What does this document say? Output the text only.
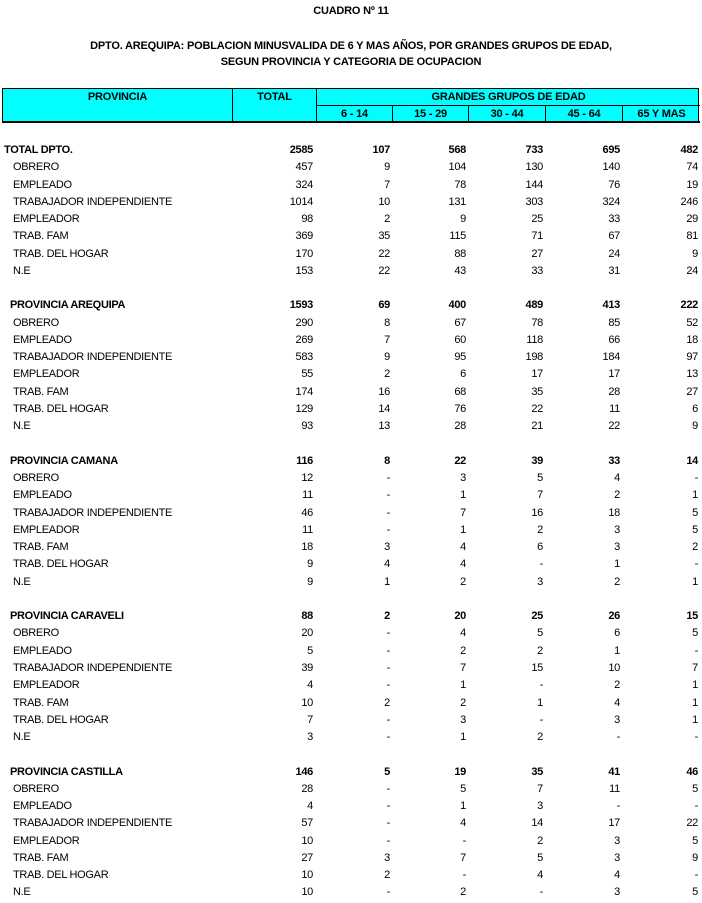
CUADRO Nº 11
DPTO. AREQUIPA: POBLACION MINUSVALIDA DE 6 Y MAS AÑOS, POR GRANDES GRUPOS DE EDAD,
SEGUN PROVINCIA Y CATEGORIA DE OCUPACION
PROVINCIA	TOTAL	GRANDES GRUPOS DE EDAD
6 - 14	15 - 29	30 - 44	45 - 64	65 Y MAS
TOTAL DPTO.	2585	107	568	733	695	482
OBRERO	457	9	104	130	140	74
EMPLEADO	324	7	78	144	76	19
TRABAJADOR INDEPENDIENTE	1014	10	131	303	324	246
EMPLEADOR	98	2	9	25	33	29
TRAB. FAM	369	35	115	71	67	81
TRAB. DEL HOGAR	170	22	88	27	24	9
N.E	153	22	43	33	31	24
PROVINCIA AREQUIPA	1593	69	400	489	413	222
OBRERO	290	8	67	78	85	52
EMPLEADO	269	7	60	118	66	18
TRABAJADOR INDEPENDIENTE	583	9	95	198	184	97
EMPLEADOR	55	2	6	17	17	13
TRAB. FAM	174	16	68	35	28	27
TRAB. DEL HOGAR	129	14	76	22	11	6
N.E	93	13	28	21	22	9
PROVINCIA CAMANA	116	8	22	39	33	14
OBRERO	12	-	3	5	4	-
EMPLEADO	11	-	1	7	2	1
TRABAJADOR INDEPENDIENTE	46	-	7	16	18	5
EMPLEADOR	11	-	1	2	3	5
TRAB. FAM	18	3	4	6	3	2
TRAB. DEL HOGAR	9	4	4	-	1	-
N.E	9	1	2	3	2	1
PROVINCIA CARAVELI	88	2	20	25	26	15
OBRERO	20	-	4	5	6	5
EMPLEADO	5	-	2	2	1	-
TRABAJADOR INDEPENDIENTE	39	-	7	15	10	7
EMPLEADOR	4	-	1	-	2	1
TRAB. FAM	10	2	2	1	4	1
TRAB. DEL HOGAR	7	-	3	-	3	1
N.E	3	-	1	2	-	-
PROVINCIA CASTILLA	146	5	19	35	41	46
OBRERO	28	-	5	7	11	5
EMPLEADO	4	-	1	3	-	-
TRABAJADOR INDEPENDIENTE	57	-	4	14	17	22
EMPLEADOR	10	-	-	2	3	5
TRAB. FAM	27	3	7	5	3	9
TRAB. DEL HOGAR	10	2	-	4	4	-
N.E	10	-	2	-	3	5
